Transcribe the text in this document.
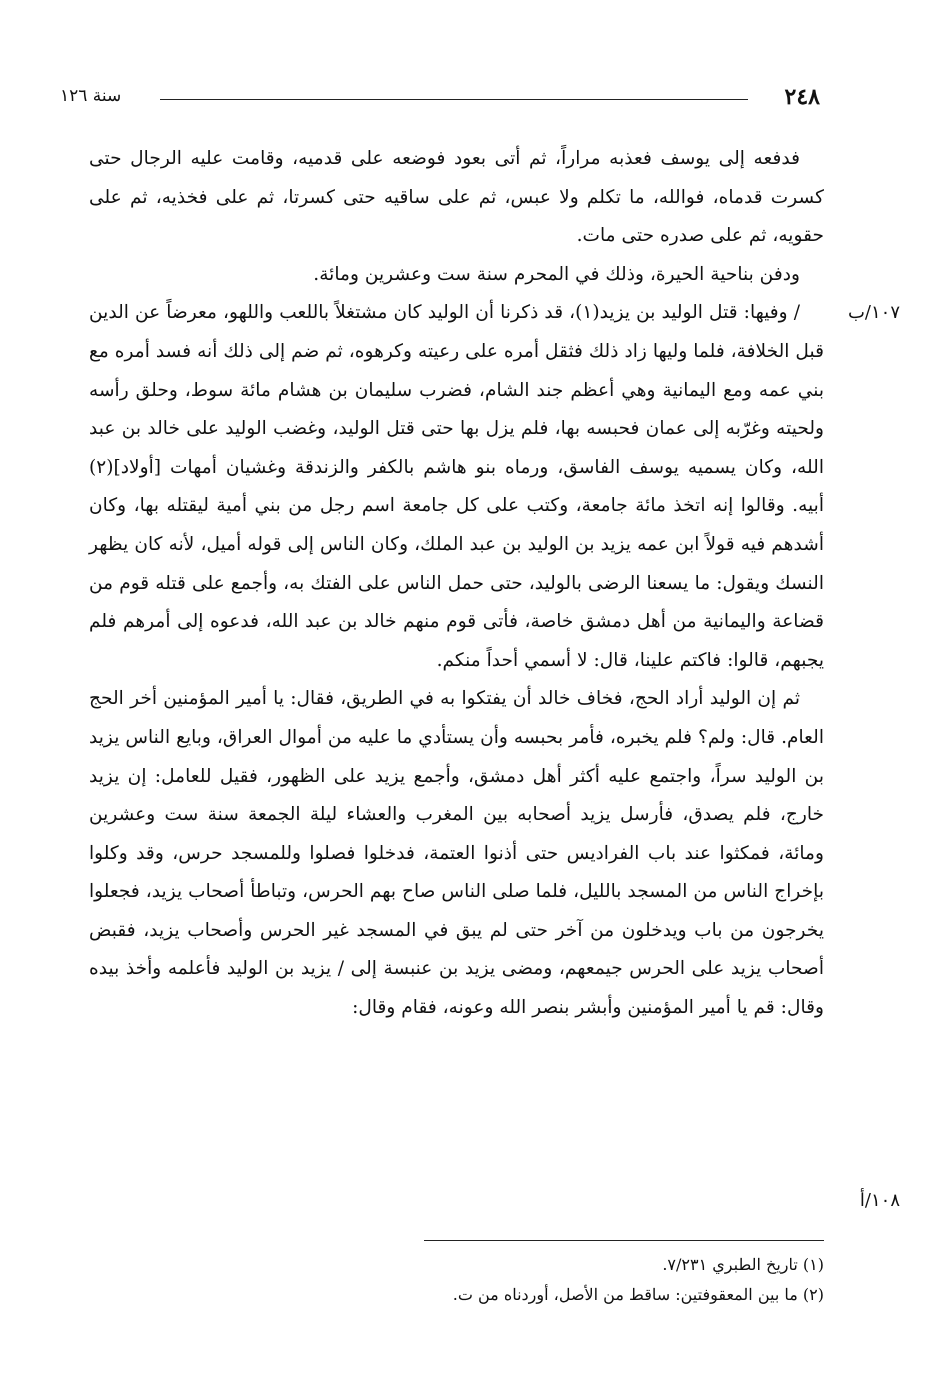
٢٤٨
سنة ١٢٦

فدفعه إلى يوسف فعذبه مراراً، ثم أتى بعود فوضعه على قدميه، وقامت عليه الرجال حتى كسرت قدماه، فوالله، ما تكلم ولا عبس، ثم على ساقيه حتى كسرتا، ثم على فخذيه، ثم على حقويه، ثم على صدره حتى مات.

ودفن بناحية الحيرة، وذلك في المحرم سنة ست وعشرين ومائة.

١٠٧/ب
/ وفيها: قتل الوليد بن يزيد(١)، قد ذكرنا أن الوليد كان مشتغلاً باللعب واللهو، معرضاً عن الدين قبل الخلافة، فلما وليها زاد ذلك فثقل أمره على رعيته وكرهوه، ثم ضم إلى ذلك أنه فسد أمره مع بني عمه ومع اليمانية وهي أعظم جند الشام، فضرب سليمان بن هشام مائة سوط، وحلق رأسه ولحيته وغرّبه إلى عمان فحبسه بها، فلم يزل بها حتى قتل الوليد، وغضب الوليد على خالد بن عبد الله، وكان يسميه يوسف الفاسق، ورماه بنو هاشم بالكفر والزندقة وغشيان أمهات [أولاد](٢) أبيه. وقالوا إنه اتخذ مائة جامعة، وكتب على كل جامعة اسم رجل من بني أمية ليقتله بها، وكان أشدهم فيه قولاً ابن عمه يزيد بن الوليد بن عبد الملك، وكان الناس إلى قوله أميل، لأنه كان يظهر النسك ويقول: ما يسعنا الرضى بالوليد، حتى حمل الناس على الفتك به، وأجمع على قتله قوم من قضاعة واليمانية من أهل دمشق خاصة، فأتى قوم منهم خالد بن عبد الله، فدعوه إلى أمرهم فلم يجبهم، قالوا: فاكتم علينا، قال: لا أسمي أحداً منكم.

١٠٨/أ
ثم إن الوليد أراد الحج، فخاف خالد أن يفتكوا به في الطريق، فقال: يا أمير المؤمنين أخر الحج العام. قال: ولم؟ فلم يخبره، فأمر بحبسه وأن يستأدي ما عليه من أموال العراق، وبايع الناس يزيد بن الوليد سراً، واجتمع عليه أكثر أهل دمشق، وأجمع يزيد على الظهور، فقيل للعامل: إن يزيد خارج، فلم يصدق، فأرسل يزيد أصحابه بين المغرب والعشاء ليلة الجمعة سنة ست وعشرين ومائة، فمكثوا عند باب الفراديس حتى أذنوا العتمة، فدخلوا فصلوا وللمسجد حرس، وقد وكلوا بإخراج الناس من المسجد بالليل، فلما صلى الناس صاح بهم الحرس، وتباطأ أصحاب يزيد، فجعلوا يخرجون من باب ويدخلون من آخر حتى لم يبق في المسجد غير الحرس وأصحاب يزيد، فقبض أصحاب يزيد على الحرس جيمعهم، ومضى يزيد بن عنبسة إلى / يزيد بن الوليد فأعلمه وأخذ بيده وقال: قم يا أمير المؤمنين وأبشر بنصر الله وعونه، فقام وقال:

(١) تاريخ الطبري ٧/٢٣١.

(٢) ما بين المعقوفتين: ساقط من الأصل، أوردناه من ت.
